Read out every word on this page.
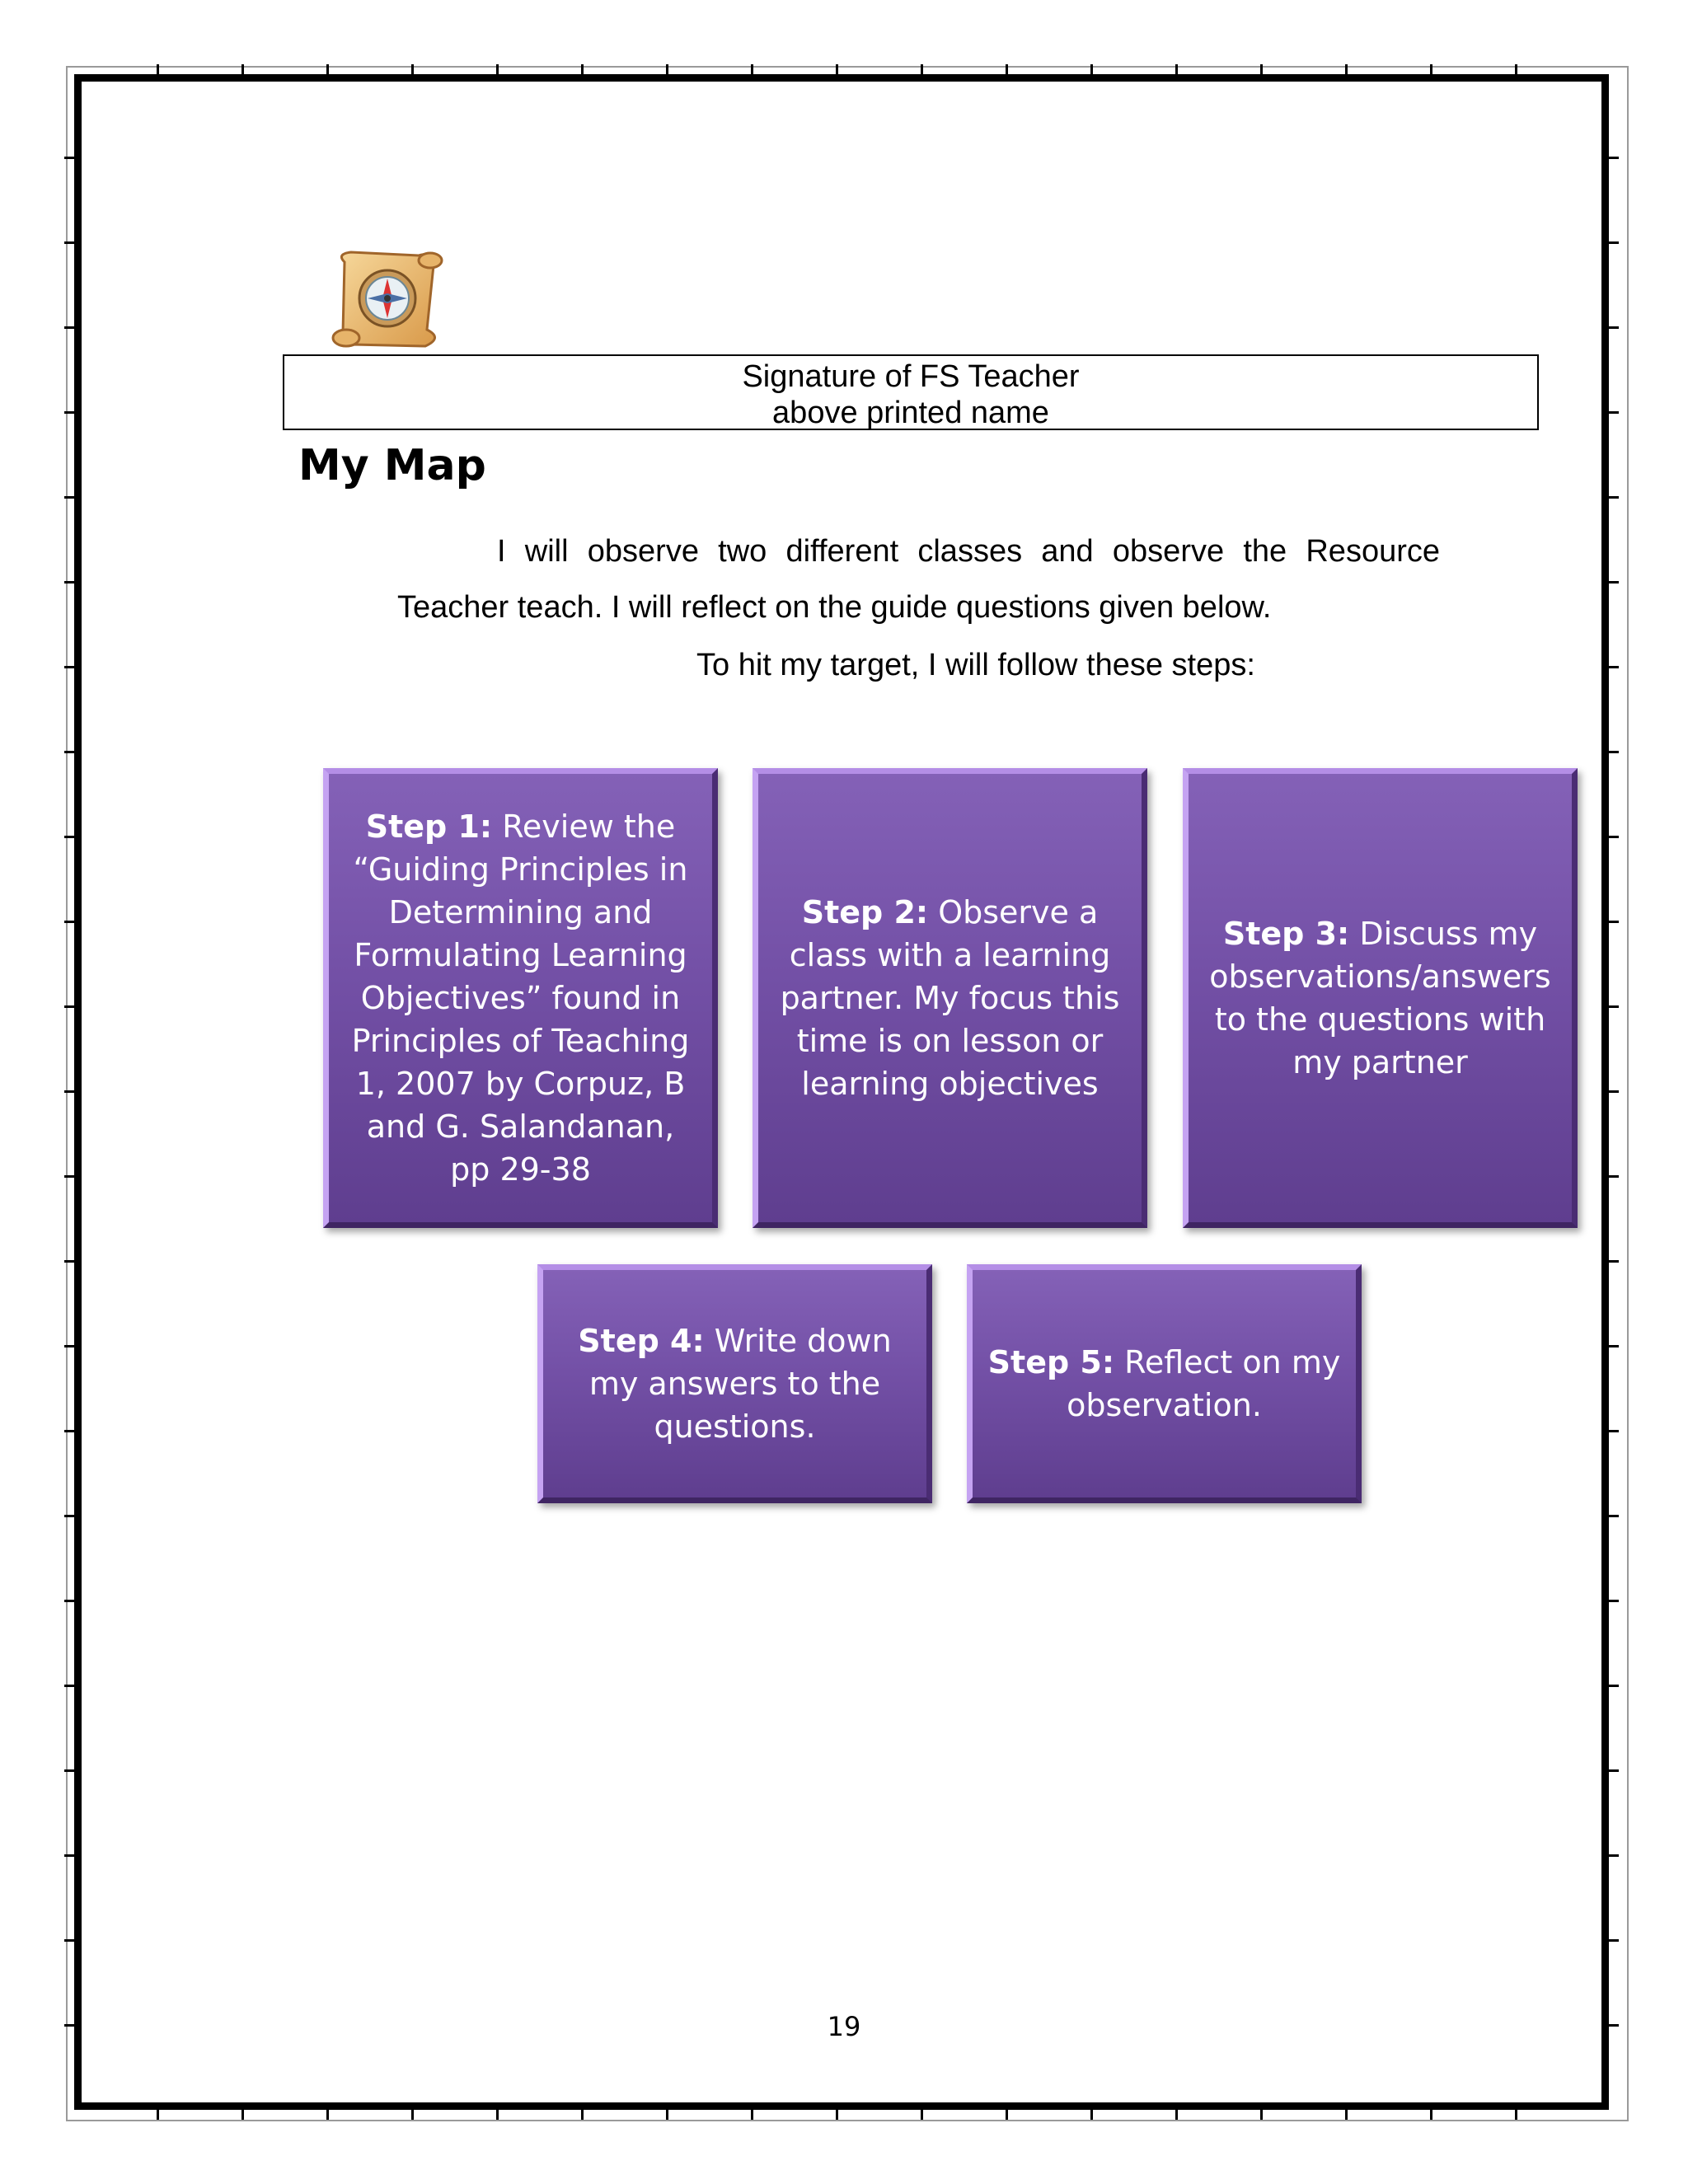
Signature of FS Teacher
above printed name
My Map
I will observe two different classes and observe the Resource
Teacher teach. I will reflect on the guide questions given below.
To hit my target, I will follow these steps:
Step 1: Review the “Guiding Principles in Determining and Formulating Learning Objectives” found in Principles of Teaching 1, 2007 by Corpuz, B and G. Salandanan, pp 29-38
Step 2: Observe a class with a learning partner. My focus this time is on lesson or learning objectives
Step 3: Discuss my observations/answers to the questions with my partner
Step 4: Write down my answers to the questions.
Step 5: Reflect on my observation.
19
